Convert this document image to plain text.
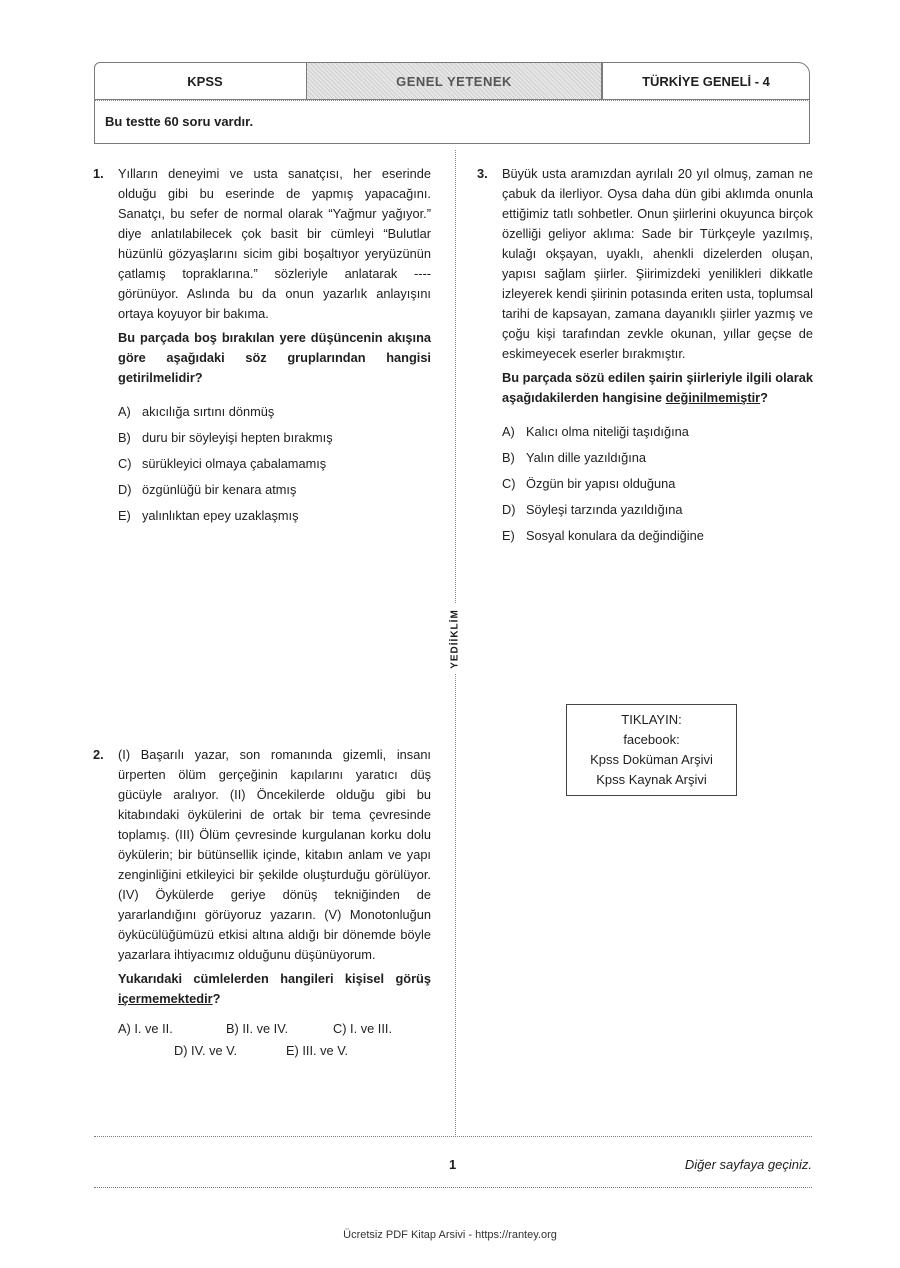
KPSS	GENEL YETENEK	TÜRKİYE GENELİ - 4
Bu testte 60 soru vardır.
YEDİİKLİM
1. Yılların deneyimi ve usta sanatçısı, her eserinde olduğu gibi bu eserinde de yapmış yapacağını. Sanatçı, bu sefer de normal olarak “Yağmur yağıyor.” diye anlatılabilecek çok basit bir cümleyi “Bulutlar hüzünlü gözyaşlarını sicim gibi boşaltıyor yeryüzünün çatlamış topraklarına.” sözleriyle anlatarak ---- görünüyor. Aslında bu da onun yazarlık anlayışını ortaya koyuyor bir bakıma.
Bu parçada boş bırakılan yere düşüncenin akışına göre aşağıdaki söz gruplarından hangisi getirilmelidir?
A) akıcılığa sırtını dönmüş
B) duru bir söyleyişi hepten bırakmış
C) sürükleyici olmaya çabalamamış
D) özgünlüğü bir kenara atmış
E) yalınlıktan epey uzaklaşmış
2. (I) Başarılı yazar, son romanında gizemli, insanı ürperten ölüm gerçeğinin kapılarını yaratıcı düş gücüyle aralıyor. (II) Öncekilerde olduğu gibi bu kitabındaki öykülerini de ortak bir tema çevresinde toplamış. (III) Ölüm çevresinde kurgulanan korku dolu öykülerin; bir bütünsellik içinde, kitabın anlam ve yapı zenginliğini etkileyici bir şekilde oluşturduğu görülüyor. (IV) Öykülerde geriye dönüş tekniğinden de yararlandığını görüyoruz yazarın. (V) Monotonluğun öykücülüğümüzü etkisi altına aldığı bir dönemde böyle yazarlara ihtiyacımız olduğunu düşünüyorum.
Yukarıdaki cümlelerden hangileri kişisel görüş içermemektedir?
A) I. ve II.	B) II. ve IV.	C) I. ve III.
D) IV. ve V.	E) III. ve V.
3. Büyük usta aramızdan ayrılalı 20 yıl olmuş, zaman ne çabuk da ilerliyor. Oysa daha dün gibi aklımda onunla ettiğimiz tatlı sohbetler. Onun şiirlerini okuyunca birçok özelliği geliyor aklıma: Sade bir Türkçeyle yazılmış, kulağı okşayan, uyaklı, ahenkli dizelerden oluşan, yapısı sağlam şiirler. Şiirimizdeki yenilikleri dikkatle izleyerek kendi şiirinin potasında eriten usta, toplumsal tarihi de kapsayan, zamana dayanıklı şiirler yazmış ve çoğu kişi tarafından zevkle okunan, yıllar geçse de eskimeyecek eserler bırakmıştır.
Bu parçada sözü edilen şairin şiirleriyle ilgili olarak aşağıdakilerden hangisine değinilmemiştir?
A) Kalıcı olma niteliği taşıdığına
B) Yalın dille yazıldığına
C) Özgün bir yapısı olduğuna
D) Söyleşi tarzında yazıldığına
E) Sosyal konulara da değindiğine
TIKLAYIN:
facebook:
Kpss Doküman Arşivi
Kpss Kaynak Arşivi
1	Diğer sayfaya geçiniz.
Ücretsiz PDF Kitap Arsivi - https://rantey.org
